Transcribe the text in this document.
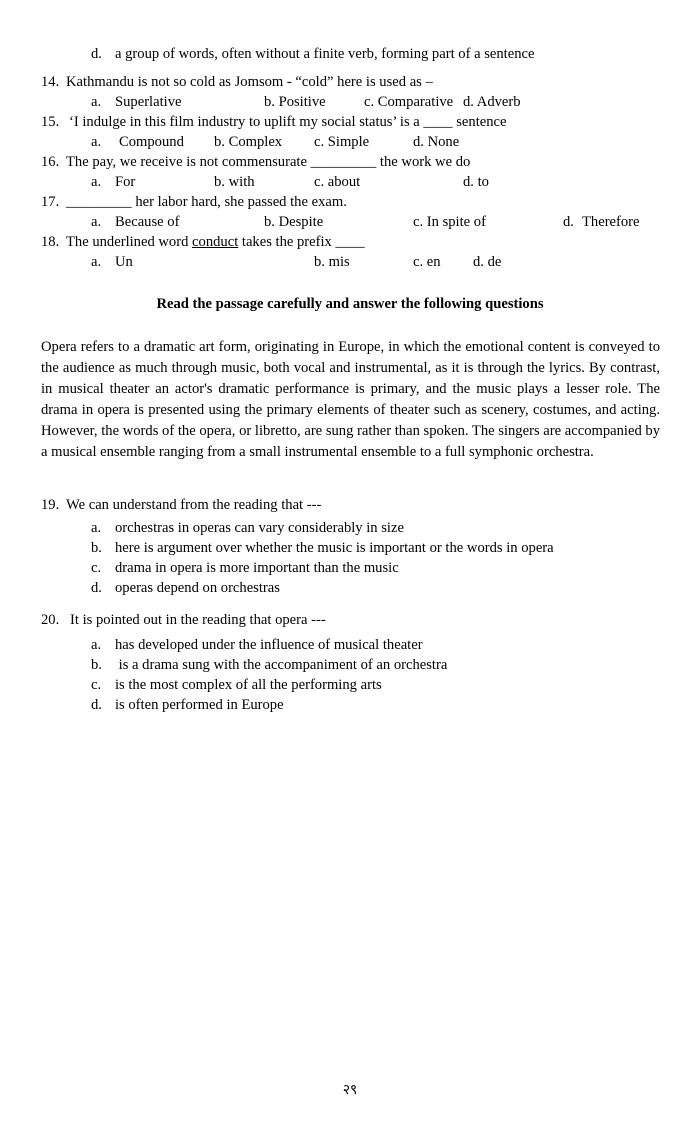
d. a group of words, often without a finite verb, forming part of a sentence
14. Kathmandu is not so cold as Jomsom - “cold” here is used as –
a. Superlative	b. Positive	c. Comparative d. Adverb
15. ‘I indulge in this film industry to uplift my social status’ is a ____ sentence
a. Compound b. Complex c. Simple	d. None
16. The pay, we receive is not commensurate _________ the work we do
a. For	b. with	c. about	d. to
17. _________ her labor hard, she passed the exam.
a. Because of	b. Despite	c. In spite of	d. Therefore
18. The underlined word conduct takes the prefix ____
a. Un	b. mis	c. en d. de
Read the passage carefully and answer the following questions
Opera refers to a dramatic art form, originating in Europe, in which the emotional content is conveyed to the audience as much through music, both vocal and instrumental, as it is through the lyrics. By contrast, in musical theater an actor's dramatic performance is primary, and the music plays a lesser role. The drama in opera is presented using the primary elements of theater such as scenery, costumes, and acting. However, the words of the opera, or libretto, are sung rather than spoken. The singers are accompanied by a musical ensemble ranging from a small instrumental ensemble to a full symphonic orchestra.
19. We can understand from the reading that ---
a. orchestras in operas can vary considerably in size
b. here is argument over whether the music is important or the words in opera
c. drama in opera is more important than the music
d. operas depend on orchestras
20. It is pointed out in the reading that opera ---
a. has developed under the influence of musical theater
b. is a drama sung with the accompaniment of an orchestra
c. is the most complex of all the performing arts
d. is often performed in Europe
२९
